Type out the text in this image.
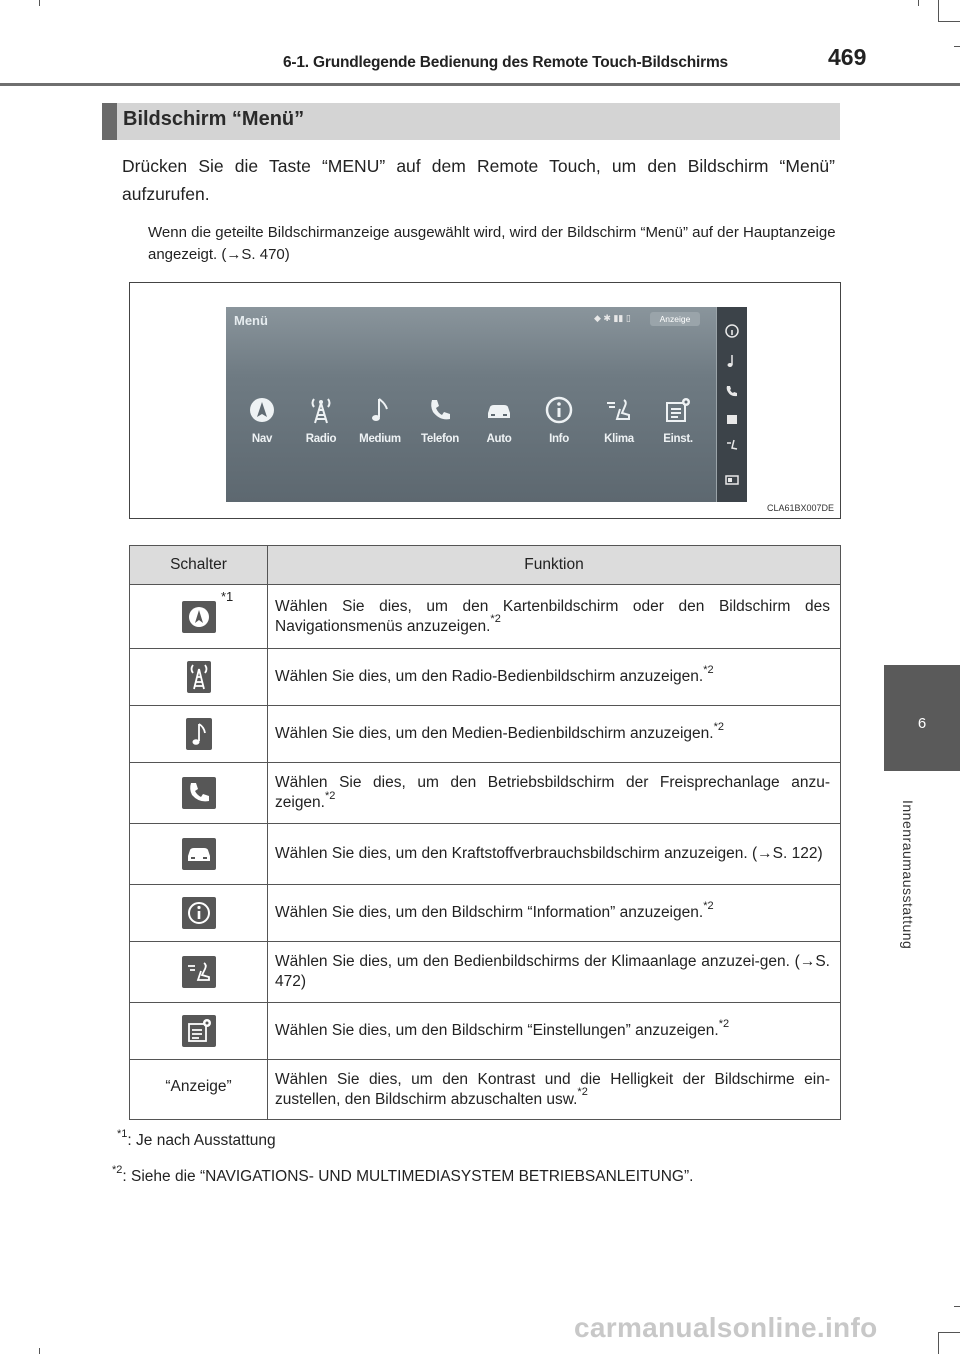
6-1. Grundlegende Bedienung des Remote Touch-Bildschirms	469
6
Innenraumausstattung
Bildschirm “Menü”
Drücken Sie die Taste “MENU” auf dem Remote Touch, um den Bildschirm “Menü” aufzurufen.
Wenn die geteilte Bildschirmanzeige ausgewählt wird, wird der Bildschirm “Menü” auf der Hauptanzeige angezeigt. (→S. 470)
Menü	◆ ✱ ▮▮ ▯	Anzeige
Nav	Radio	Medium	Telefon	Auto	Info	Klima	Einst.
CLA61BX007DE
Schalter	Funktion

*1	Wählen Sie dies, um den Kartenbildschirm oder den Bildschirm des Navigationsmenüs anzuzeigen.$^{*2}$

	Wählen Sie dies, um den Radio-Bedienbildschirm anzuzeigen.$^{*2}$

	Wählen Sie dies, um den Medien-Bedienbildschirm anzuzeigen.$^{*2}$

	Wählen Sie dies, um den Betriebsbildschirm der Freisprechanlage anzu-zeigen.$^{*2}$

	Wählen Sie dies, um den Kraftstoffverbrauchsbildschirm anzuzeigen. (→S. 122)

	Wählen Sie dies, um den Bildschirm “Information” anzuzeigen.$^{*2}$

	Wählen Sie dies, um den Bedienbildschirms der Klimaanlage anzuzei-gen. (→S. 472)

	Wählen Sie dies, um den Bildschirm “Einstellungen” anzuzeigen.$^{*2}$
“Anzeige”	Wählen Sie dies, um den Kontrast und die Helligkeit der Bildschirme ein-zustellen, den Bildschirm abzuschalten usw.$^{*2}$
$^{*1}$: Je nach Ausstattung
$^{*2}$: Siehe die “NAVIGATIONS- UND MULTIMEDIASYSTEM BETRIEBSANLEITUNG”.
carmanualsonline.info
